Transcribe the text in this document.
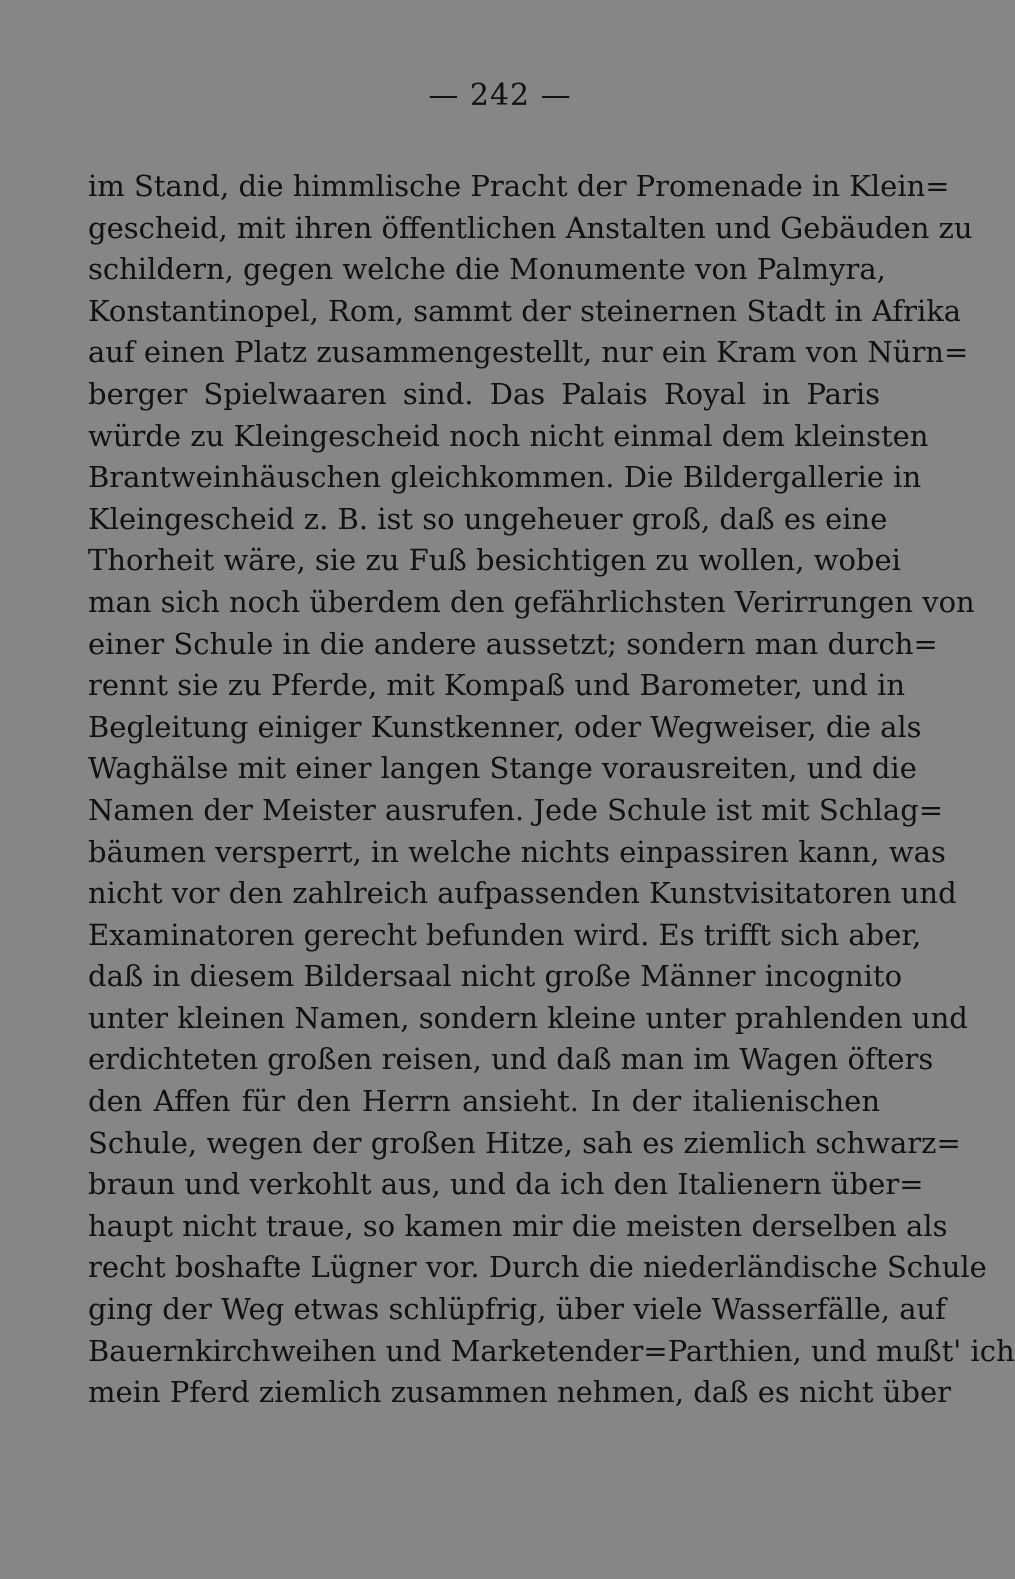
— 242 —
im Stand, die himmlische Pracht der Promenade in Klein=
gescheid, mit ihren öffentlichen Anstalten und Gebäuden zu
schildern, gegen welche die Monumente von Palmyra,
Konstantinopel, Rom, sammt der steinernen Stadt in Afrika
auf einen Platz zusammengestellt, nur ein Kram von Nürn=
berger Spielwaaren sind. Das Palais Royal in Paris
würde zu Kleingescheid noch nicht einmal dem kleinsten
Brantweinhäuschen gleichkommen. Die Bildergallerie in
Kleingescheid z. B. ist so ungeheuer groß, daß es eine
Thorheit wäre, sie zu Fuß besichtigen zu wollen, wobei
man sich noch überdem den gefährlichsten Verirrungen von
einer Schule in die andere aussetzt; sondern man durch=
rennt sie zu Pferde, mit Kompaß und Barometer, und in
Begleitung einiger Kunstkenner, oder Wegweiser, die als
Waghälse mit einer langen Stange vorausreiten, und die
Namen der Meister ausrufen. Jede Schule ist mit Schlag=
bäumen versperrt, in welche nichts einpassiren kann, was
nicht vor den zahlreich aufpassenden Kunstvisitatoren und
Examinatoren gerecht befunden wird. Es trifft sich aber,
daß in diesem Bildersaal nicht große Männer incognito
unter kleinen Namen, sondern kleine unter prahlenden und
erdichteten großen reisen, und daß man im Wagen öfters
den Affen für den Herrn ansieht. In der italienischen
Schule, wegen der großen Hitze, sah es ziemlich schwarz=
braun und verkohlt aus, und da ich den Italienern über=
haupt nicht traue, so kamen mir die meisten derselben als
recht boshafte Lügner vor. Durch die niederländische Schule
ging der Weg etwas schlüpfrig, über viele Wasserfälle, auf
Bauernkirchweihen und Marketender=Parthien, und mußt' ich
mein Pferd ziemlich zusammen nehmen, daß es nicht über
